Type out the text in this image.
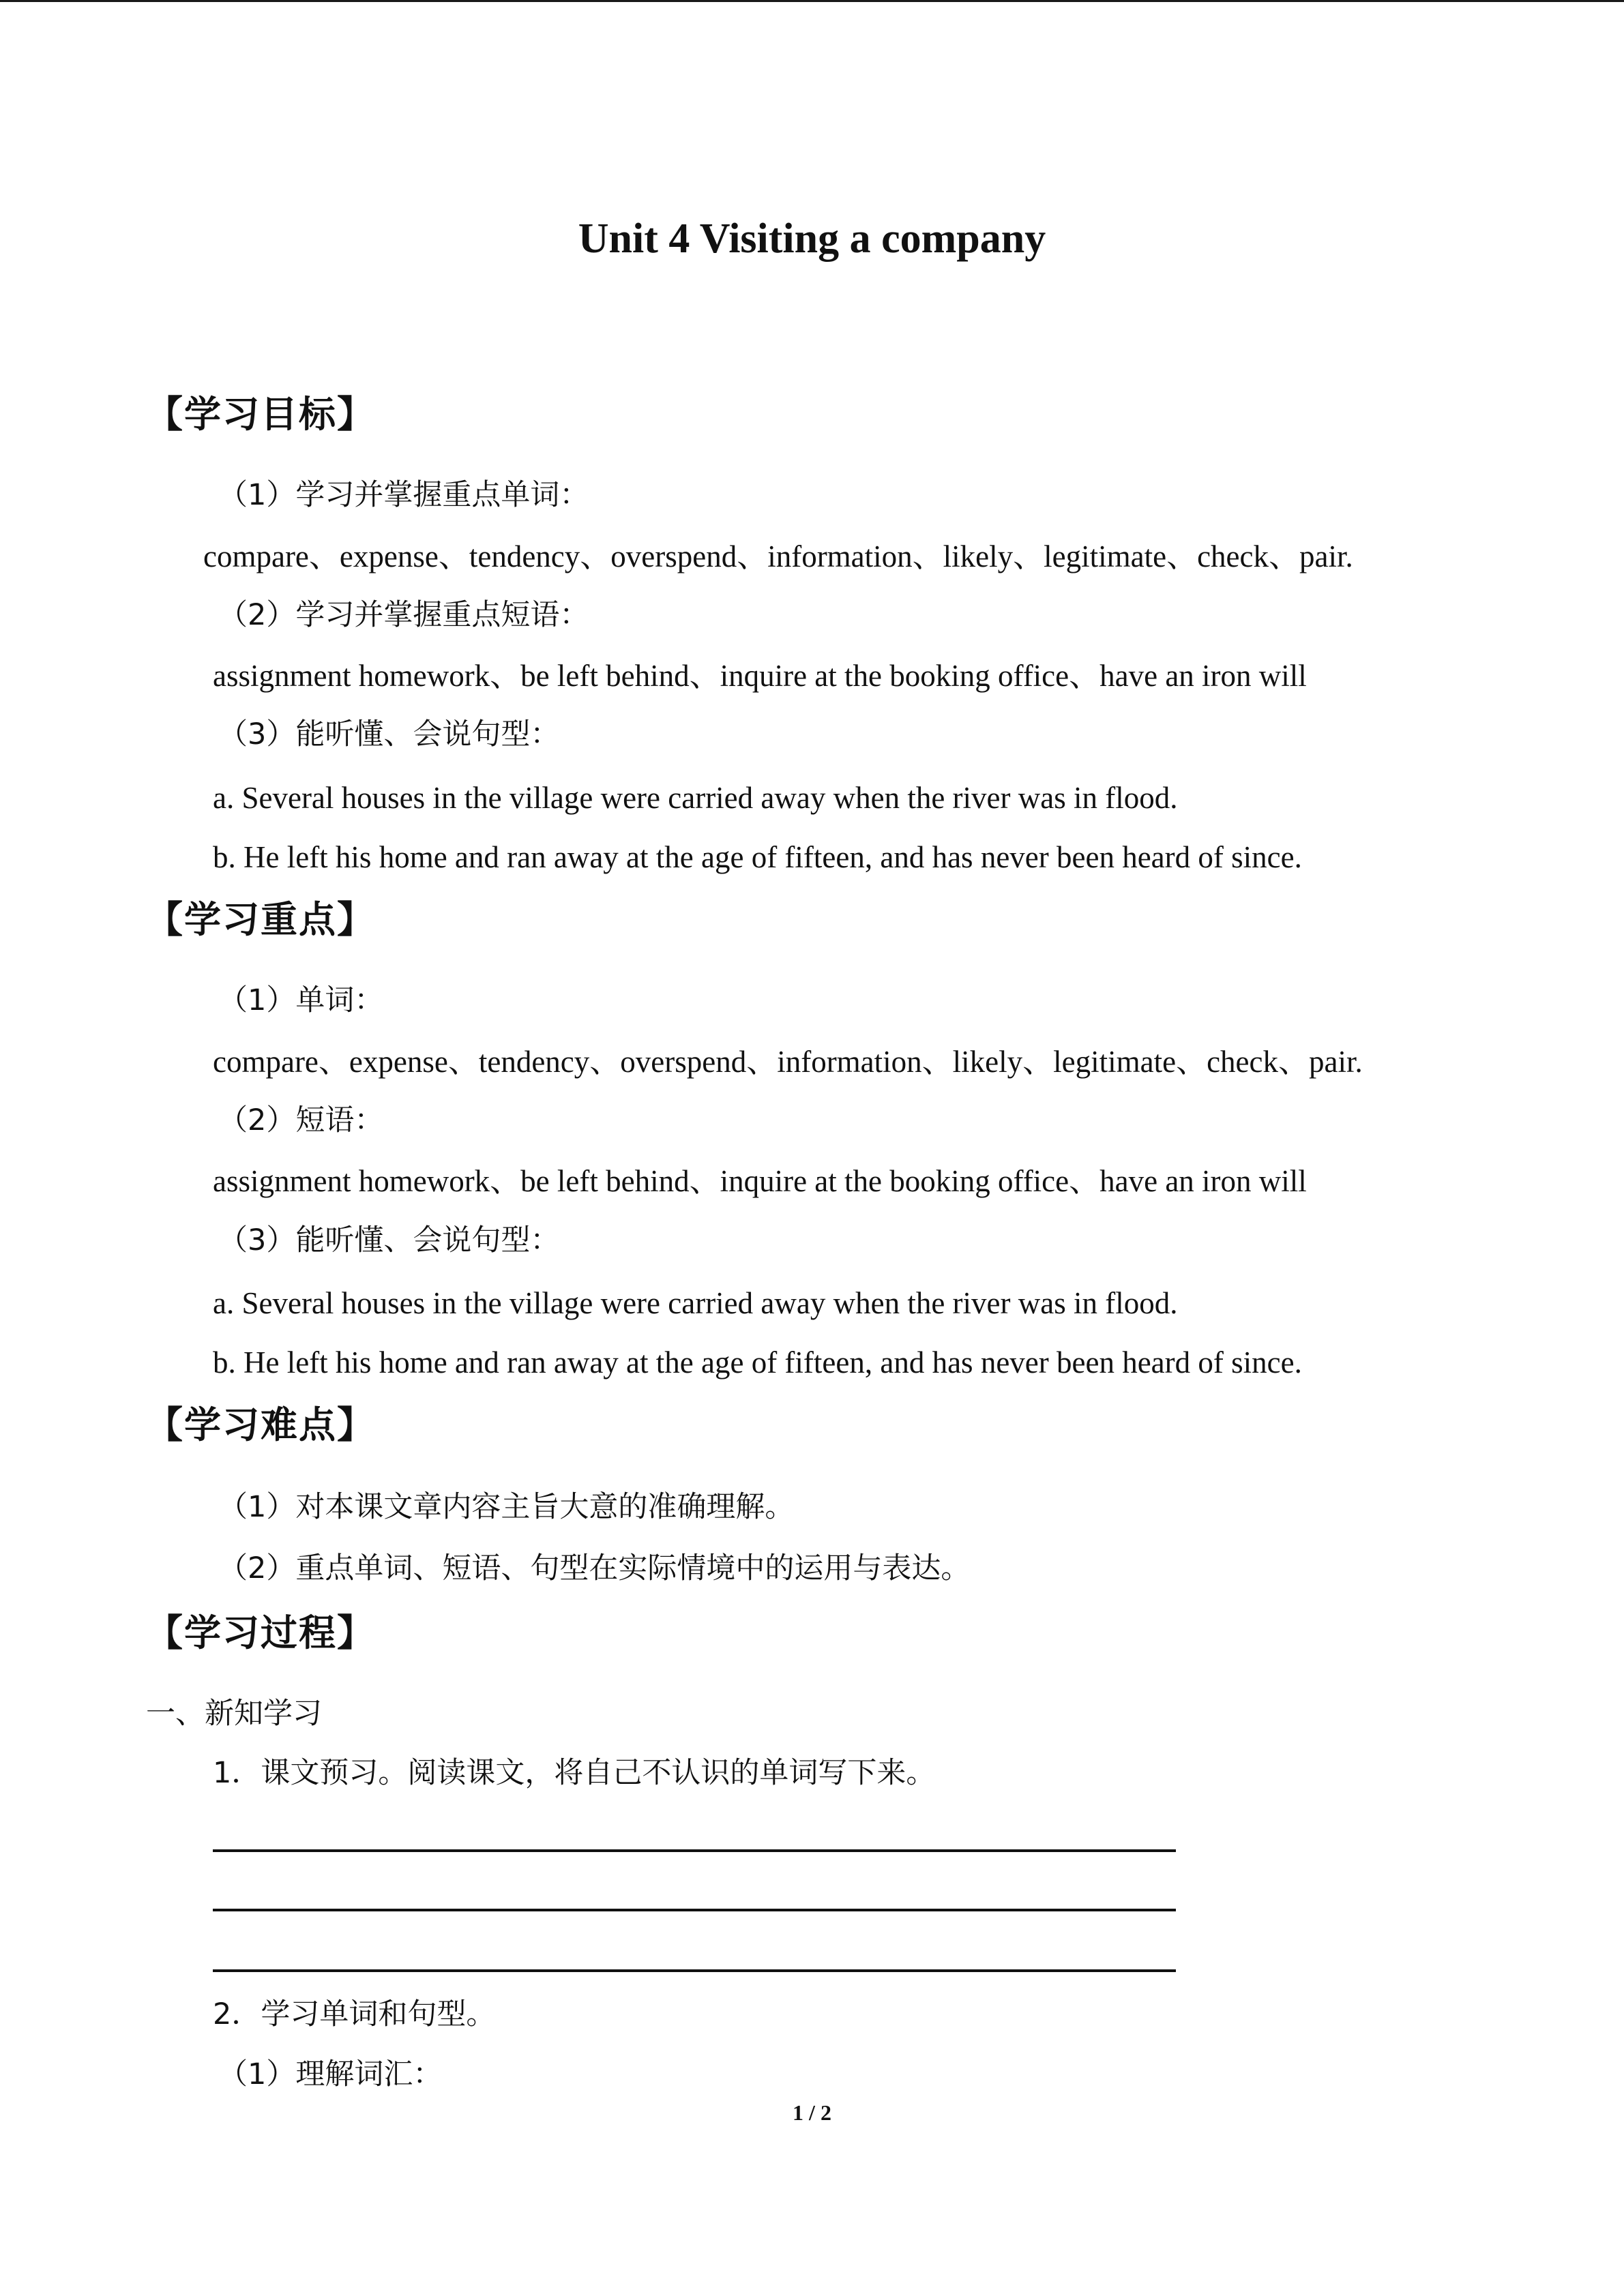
Unit 4 Visiting a company
【学习目标】
（1）学习并掌握重点单词：
compare、expense、tendency、overspend、information、likely、legitimate、check、pair.
（2）学习并掌握重点短语：
assignment homework、be left behind、inquire at the booking office、have an iron will
（3）能听懂、会说句型：
a. Several houses in the village were carried away when the river was in flood.
b. He left his home and ran away at the age of fifteen, and has never been heard of since.
【学习重点】
（1）单词：
compare、expense、tendency、overspend、information、likely、legitimate、check、pair.
（2）短语：
assignment homework、be left behind、inquire at the booking office、have an iron will
（3）能听懂、会说句型：
a. Several houses in the village were carried away when the river was in flood.
b. He left his home and ran away at the age of fifteen, and has never been heard of since.
【学习难点】
（1）对本课文章内容主旨大意的准确理解。
（2）重点单词、短语、句型在实际情境中的运用与表达。
【学习过程】
一、新知学习
1．课文预习。阅读课文，将自己不认识的单词写下来。
2．学习单词和句型。
（1）理解词汇：
1 / 2
